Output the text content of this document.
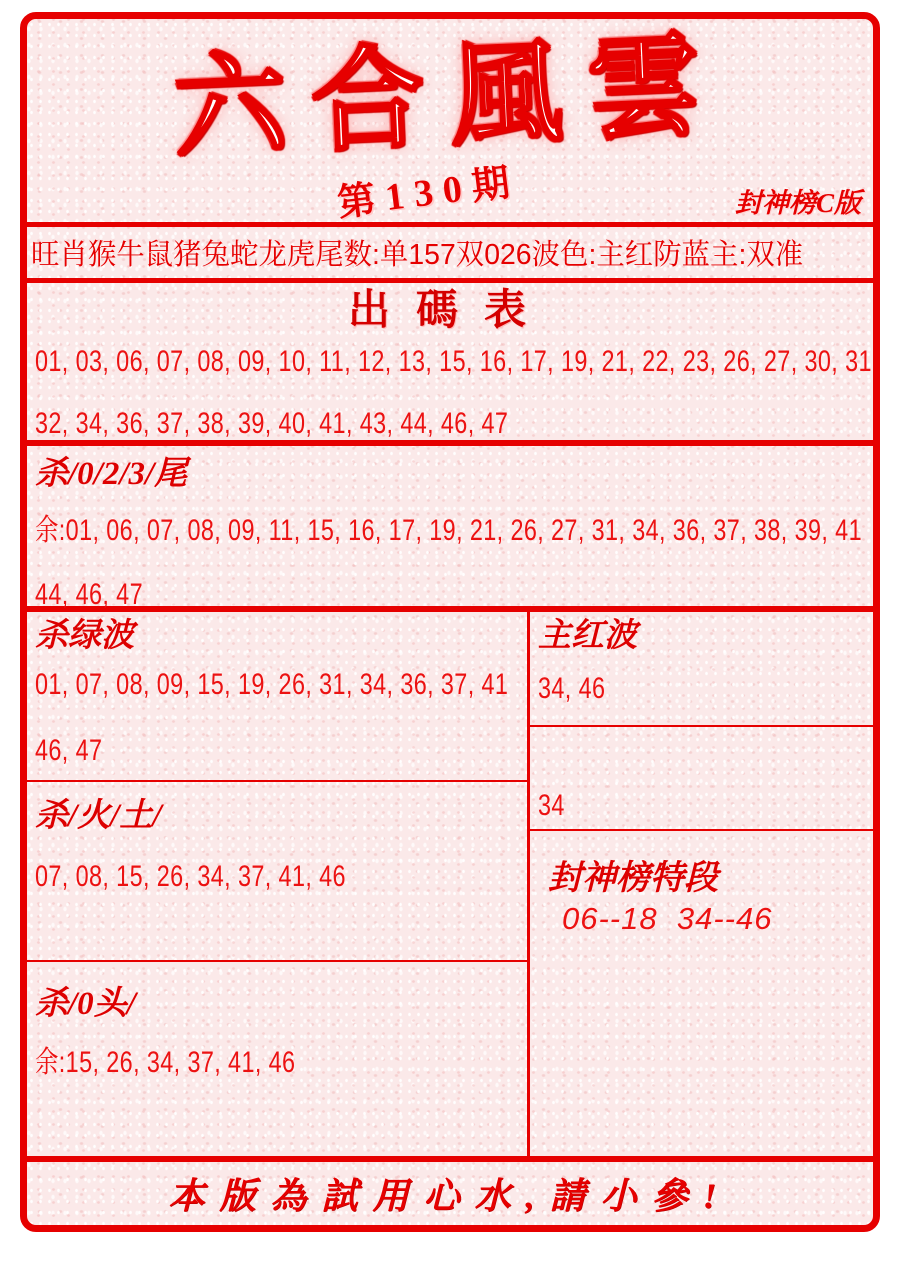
六合風雲
第130期	封神榜C版
旺肖猴牛鼠猪兔蛇龙虎尾数:单157双026波色:主红防蓝主:双准
出碼表
01, 03, 06, 07, 08, 09, 10, 11, 12, 13, 15, 16, 17, 19, 21, 22, 23, 26, 27, 30, 31
32, 34, 36, 37, 38, 39, 40, 41, 43, 44, 46, 47
杀/0/2/3/尾
余:01, 06, 07, 08, 09, 11, 15, 16, 17, 19, 21, 26, 27, 31, 34, 36, 37, 38, 39, 41
44, 46, 47
杀绿波
01, 07, 08, 09, 15, 19, 26, 31, 34, 36, 37, 41
46, 47
杀/火/土/
07, 08, 15, 26, 34, 37, 41, 46
杀/0头/
余:15, 26, 34, 37, 41, 46
主红波
34, 46
34
封神榜特段
06--18  34--46
本版為試用心水,請小參!
